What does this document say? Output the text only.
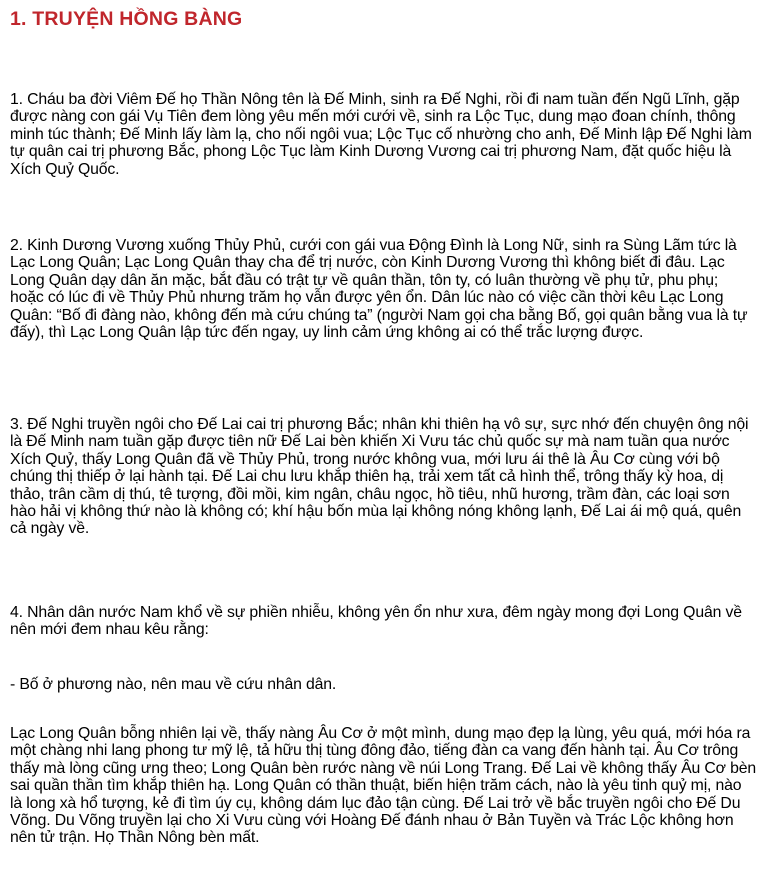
1. TRUYỆN HỒNG BÀNG

1. Cháu ba đời Viêm Đế họ Thần Nông tên là Đế Minh, sinh ra Đế Nghi, rồi đi nam tuần đến Ngũ Lĩnh, gặp được nàng con gái Vụ Tiên đem lòng yêu mến mới cưới về, sinh ra Lộc Tục, dung mạo đoan chính, thông minh túc thành; Đế Minh lấy làm lạ, cho nối ngôi vua; Lộc Tục cố nhường cho anh, Đế Minh lập Đế Nghi làm tự quân cai trị phương Bắc, phong Lộc Tục làm Kinh Dương Vương cai trị phương Nam, đặt quốc hiệu là Xích Quỷ Quốc.

2. Kinh Dương Vương xuống Thủy Phủ, cưới con gái vua Động Đình là Long Nữ, sinh ra Sùng Lãm tức là Lạc Long Quân; Lạc Long Quân thay cha để trị nước, còn Kinh Dương Vương thì không biết đi đâu. Lạc Long Quân dạy dân ăn mặc, bắt đầu có trật tự về quân thần, tôn ty, có luân thường về phụ tử, phu phụ; hoặc có lúc đi về Thủy Phủ nhưng trăm họ vẫn được yên ổn. Dân lúc nào có việc cần thời kêu Lạc Long Quân: “Bố đi đàng nào, không đến mà cứu chúng ta” (người Nam gọi cha bằng Bố, gọi quân bằng vua là tự đấy), thì Lạc Long Quân lập tức đến ngay, uy linh cảm ứng không ai có thể trắc lượng được.

3. Đế Nghi truyền ngôi cho Đế Lai cai trị phương Bắc; nhân khi thiên hạ vô sự, sực nhớ đến chuyện ông nội là Đế Minh nam tuần gặp được tiên nữ Đế Lai bèn khiến Xi Vưu tác chủ quốc sự mà nam tuần qua nước Xích Quỷ, thấy Long Quân đã về Thủy Phủ, trong nước không vua, mới lưu ái thê là Âu Cơ cùng với bộ chúng thị thiếp ở lại hành tại. Đế Lai chu lưu khắp thiên hạ, trải xem tất cả hình thể, trông thấy kỳ hoa, dị thảo, trân cầm dị thú, tê tượng, đồi mồi, kim ngân, châu ngọc, hồ tiêu, nhũ hương, trầm đàn, các loại sơn hào hải vị không thứ nào là không có; khí hậu bốn mùa lại không nóng không lạnh, Đế Lai ái mộ quá, quên cả ngày về.

4. Nhân dân nước Nam khổ về sự phiền nhiễu, không yên ổn như xưa, đêm ngày mong đợi Long Quân về nên mới đem nhau kêu rằng:

- Bố ở phương nào, nên mau về cứu nhân dân.

Lạc Long Quân bỗng nhiên lại về, thấy nàng Âu Cơ ở một mình, dung mạo đẹp lạ lùng, yêu quá, mới hóa ra một chàng nhi lang phong tư mỹ lệ, tả hữu thị tùng đông đảo, tiếng đàn ca vang đến hành tại. Âu Cơ trông thấy mà lòng cũng ưng theo; Long Quân bèn rước nàng về núi Long Trang. Đế Lai về không thấy Âu Cơ bèn sai quần thần tìm khắp thiên hạ. Long Quân có thần thuật, biến hiện trăm cách, nào là yêu tinh quỷ mị, nào là long xà hổ tượng, kẻ đi tìm úy cụ, không dám lục đảo tận cùng. Đế Lai trở về bắc truyền ngôi cho Đế Du Võng. Du Võng truyền lại cho Xi Vưu cùng với Hoàng Đế đánh nhau ở Bản Tuyền và Trác Lộc không hơn nên tử trận. Họ Thần Nông bèn mất.
